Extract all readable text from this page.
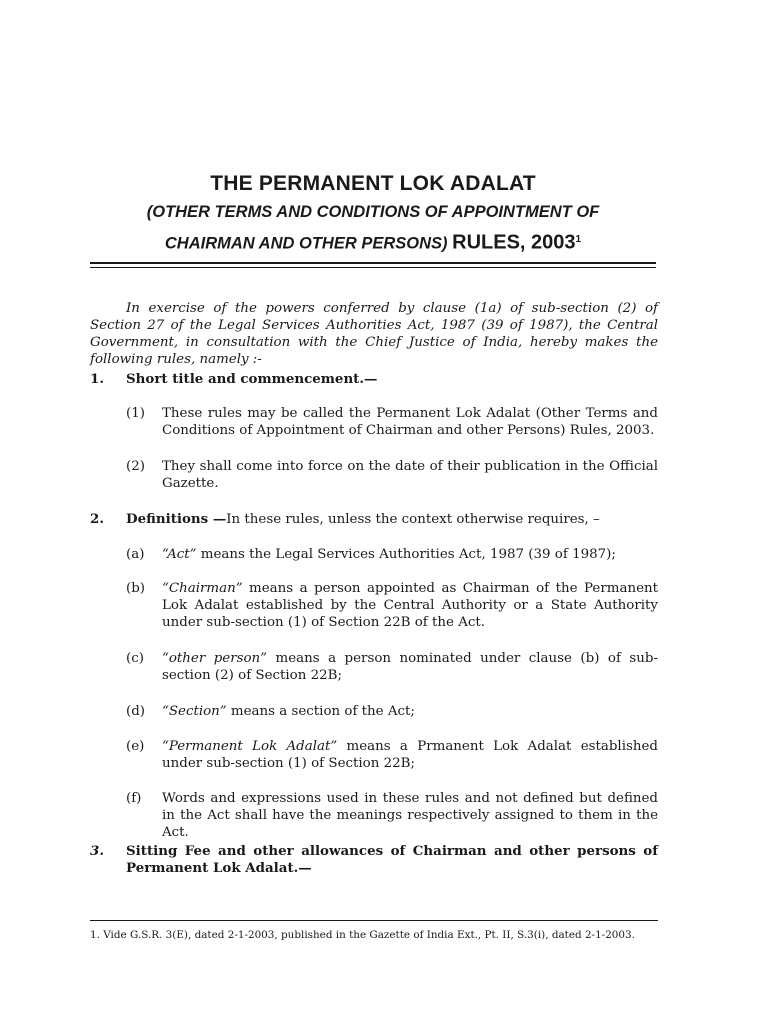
THE PERMANENT LOK ADALAT
(OTHER TERMS AND CONDITIONS OF APPOINTMENT OF
CHAIRMAN AND OTHER PERSONS) RULES, 2003$^1$
In exercise of the powers conferred by clause (1a) of sub-section (2) of Section 27 of the Legal Services Authorities Act, 1987 (39 of 1987), the Central Government, in consultation with the Chief Justice of India, hereby makes the following rules, namely :-
1. Short title and commencement.—
(1) These rules may be called the Permanent Lok Adalat (Other Terms and Conditions of Appointment of Chairman and other Persons) Rules, 2003.
(2) They shall come into force on the date of their publication in the Official Gazette.
2. Definitions —In these rules, unless the context otherwise requires, –
(a) “Act” means the Legal Services Authorities Act, 1987 (39 of 1987);
(b) “Chairman” means a person appointed as Chairman of the Permanent Lok Adalat established by the Central Authority or a State Authority under sub-section (1) of Section 22B of the Act.
(c) “other person” means a person nominated under clause (b) of sub-section (2) of Section 22B;
(d) “Section” means a section of the Act;
(e) “Permanent Lok Adalat” means a Prmanent Lok Adalat established under sub-section (1) of Section 22B;
(f) Words and expressions used in these rules and not defined but defined in the Act shall have the meanings respectively assigned to them in the Act.
3. Sitting Fee and other allowances of Chairman and other persons of Permanent Lok Adalat.—
1. Vide G.S.R. 3(E), dated 2-1-2003, published in the Gazette of India Ext., Pt. II, S.3(i), dated 2-1-2003.
